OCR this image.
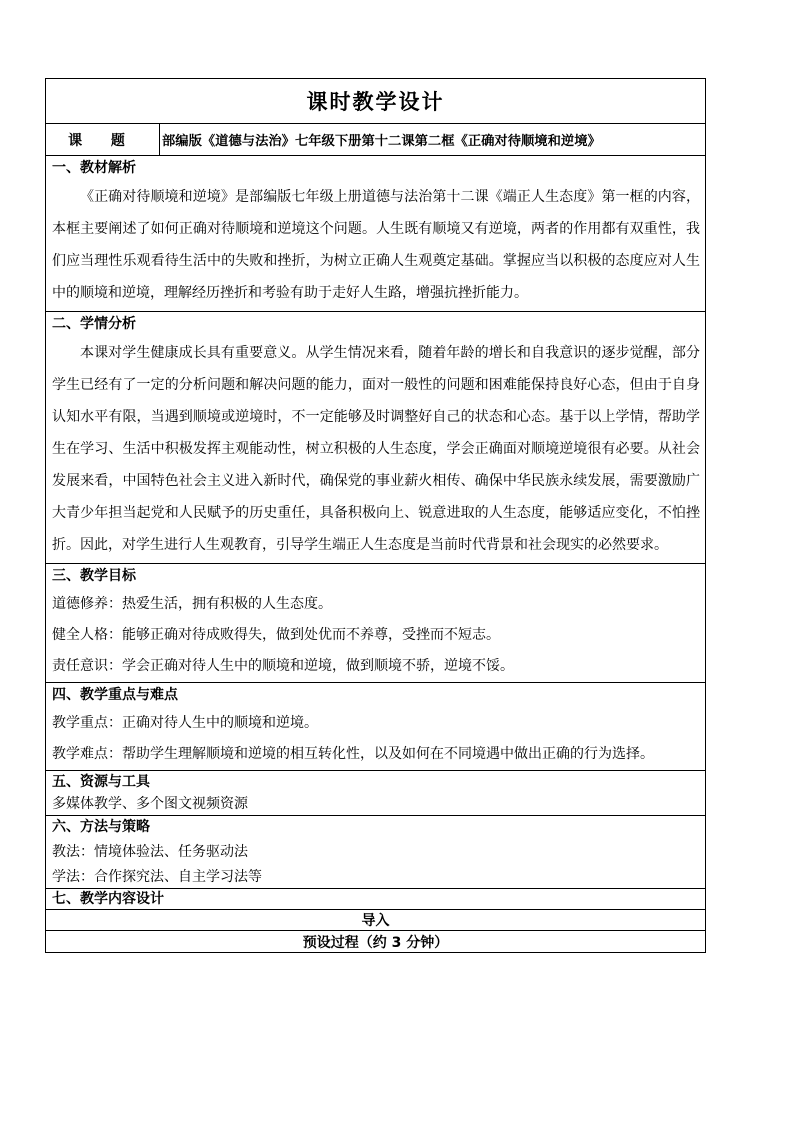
课时教学设计
课 题	部编版《道德与法治》七年级下册第十二课第二框《正确对待顺境和逆境》
一、教材解析

《正确对待顺境和逆境》是部编版七年级上册道德与法治第十二课《端正人生态度》第一框的内容，本框主要阐述了如何正确对待顺境和逆境这个问题。人生既有顺境又有逆境，两者的作用都有双重性，我们应当理性乐观看待生活中的失败和挫折，为树立正确人生观奠定基础。掌握应当以积极的态度应对人生中的顺境和逆境，理解经历挫折和考验有助于走好人生路，增强抗挫折能力。

二、学情分析

本课对学生健康成长具有重要意义。从学生情况来看，随着年龄的增长和自我意识的逐步觉醒，部分学生已经有了一定的分析问题和解决问题的能力，面对一般性的问题和困难能保持良好心态，但由于自身认知水平有限，当遇到顺境或逆境时，不一定能够及时调整好自己的状态和心态。基于以上学情，帮助学生在学习、生活中积极发挥主观能动性，树立积极的人生态度，学会正确面对顺境逆境很有必要。从社会发展来看，中国特色社会主义进入新时代，确保党的事业薪火相传、确保中华民族永续发展，需要激励广大青少年担当起党和人民赋予的历史重任，具备积极向上、锐意进取的人生态度，能够适应变化，不怕挫折。因此，对学生进行人生观教育，引导学生端正人生态度是当前时代背景和社会现实的必然要求。

三、教学目标

道德修养：热爱生活，拥有积极的人生态度。

健全人格：能够正确对待成败得失，做到处优而不养尊，受挫而不短志。

责任意识：学会正确对待人生中的顺境和逆境，做到顺境不骄，逆境不馁。

四、教学重点与难点

教学重点：正确对待人生中的顺境和逆境。

教学难点：帮助学生理解顺境和逆境的相互转化性，以及如何在不同境遇中做出正确的行为选择。

五、资源与工具

多媒体教学、多个图文视频资源

六、方法与策略

教法：情境体验法、任务驱动法

学法：合作探究法、自主学习法等

七、教学内容设计
导入
预设过程（约 3 分钟）
